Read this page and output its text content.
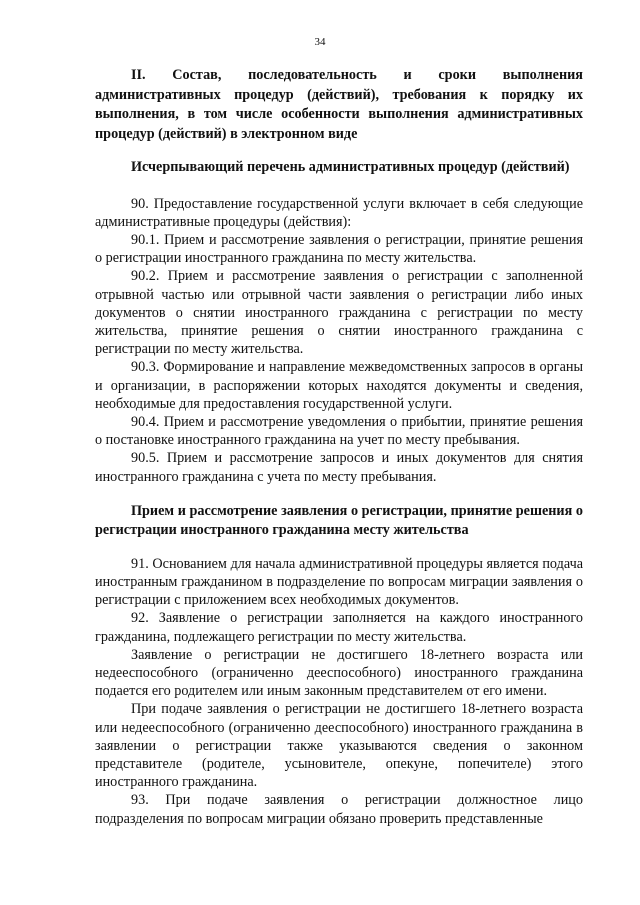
34

II. Состав, последовательность и сроки выполнения административных процедур (действий), требования к порядку их выполнения, в том числе особенности выполнения административных процедур (действий) в электронном виде

Исчерпывающий перечень административных процедур (действий)

90. Предоставление государственной услуги включает в себя следующие административные процедуры (действия):

90.1. Прием и рассмотрение заявления о регистрации, принятие решения о регистрации иностранного гражданина по месту жительства.

90.2. Прием и рассмотрение заявления о регистрации с заполненной отрывной частью или отрывной части заявления о регистрации либо иных документов о снятии иностранного гражданина с регистрации по месту жительства, принятие решения о снятии иностранного гражданина с регистрации по месту жительства.

90.3. Формирование и направление межведомственных запросов в органы и организации, в распоряжении которых находятся документы и сведения, необходимые для предоставления государственной услуги.

90.4. Прием и рассмотрение уведомления о прибытии, принятие решения о постановке иностранного гражданина на учет по месту пребывания.

90.5. Прием и рассмотрение запросов и иных документов для снятия иностранного гражданина с учета по месту пребывания.

Прием и рассмотрение заявления о регистрации, принятие решения о регистрации иностранного гражданина месту жительства

91. Основанием для начала административной процедуры является подача иностранным гражданином в подразделение по вопросам миграции заявления о регистрации с приложением всех необходимых документов.

92. Заявление о регистрации заполняется на каждого иностранного гражданина, подлежащего регистрации по месту жительства.

Заявление о регистрации не достигшего 18-летнего возраста или недееспособного (ограниченно дееспособного) иностранного гражданина подается его родителем или иным законным представителем от его имени.

При подаче заявления о регистрации не достигшего 18-летнего возраста или недееспособного (ограниченно дееспособного) иностранного гражданина в заявлении о регистрации также указываются сведения о законном представителе (родителе, усыновителе, опекуне, попечителе) этого иностранного гражданина.

93. При подаче заявления о регистрации должностное лицо подразделения по вопросам миграции обязано проверить представленные
